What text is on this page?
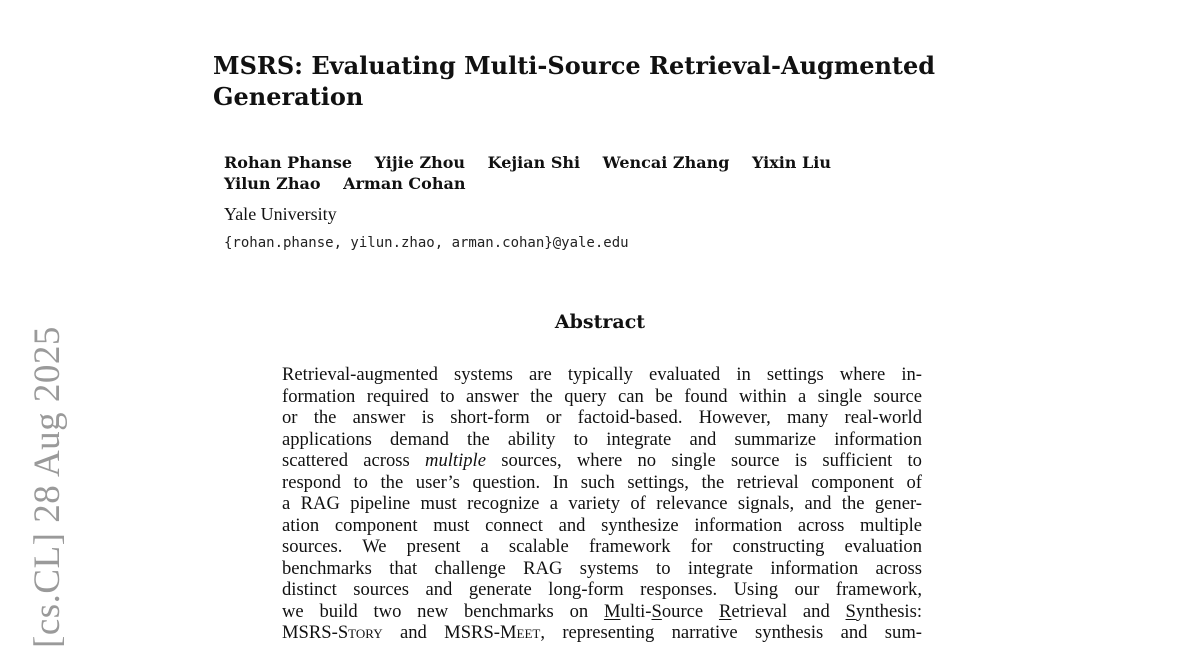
[cs.CL] 28 Aug 2025
MSRS: Evaluating Multi-Source Retrieval-Augmented Generation
Rohan Phanse Yijie Zhou Kejian Shi Wencai Zhang Yixin Liu
Yilun Zhao Arman Cohan
Yale University
{rohan.phanse, yilun.zhao, arman.cohan}@yale.edu
Abstract
Retrieval-augmented systems are typically evaluated in settings where in-
formation required to answer the query can be found within a single source
or the answer is short-form or factoid-based. However, many real-world
applications demand the ability to integrate and summarize information
scattered across multiple sources, where no single source is sufficient to
respond to the user’s question. In such settings, the retrieval component of
a RAG pipeline must recognize a variety of relevance signals, and the gener-
ation component must connect and synthesize information across multiple
sources. We present a scalable framework for constructing evaluation
benchmarks that challenge RAG systems to integrate information across
distinct sources and generate long-form responses. Using our framework,
we build two new benchmarks on Multi-Source Retrieval and Synthesis:
MSRS-Story and MSRS-Meet, representing narrative synthesis and sum-
